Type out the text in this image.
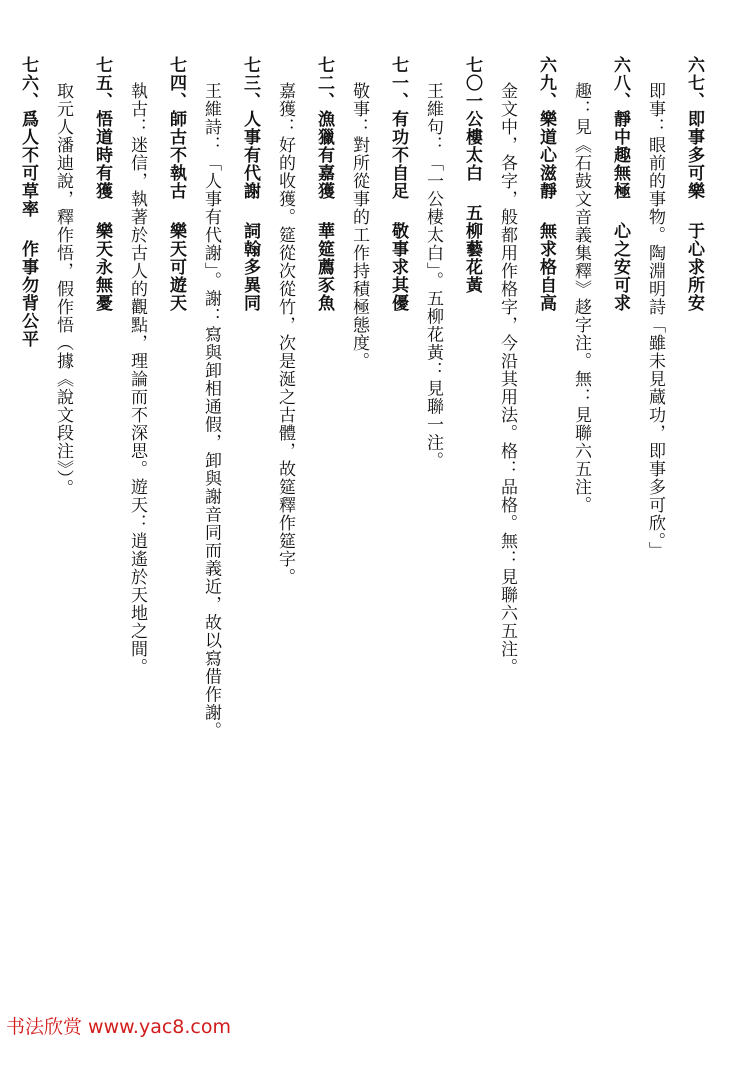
六七、即事多可樂于心求所安
即事：眼前的事物。陶淵明詩「雖未見蔵功，即事多可欣。」
六八、靜中趣無極心之安可求
趣：見《石鼓文音義集釋》趍字注。無：見聯六五注。
六九、樂道心滋靜無求格自高
金文中，各字，般都用作格字，今沿其用法。格：品格。無：見聯六五注。
七〇一公樓太白五柳藝花黃
王維句：「一公棲太白」。五柳花黃：見聯一注。
七一、有功不自足敬事求其優
敬事：對所從事的工作持積極態度。
七二、漁獵有嘉獲華筵薦豕魚
嘉獲：好的收獲。筵從次從竹，次是涎之古體，故筵釋作筵字。
七三、人事有代謝詞翰多異同
王維詩：「人事有代謝」。謝：寫與卸相通假，卸與謝音同而義近，故以寫借作謝。
七四、師古不執古樂天可遊天
執古：迷信，執著於古人的觀點，理論而不深思。遊天：逍遙於天地之間。
七五、悟道時有獲樂天永無憂
取元人潘迪說，釋作悟，假作悟（據《說文段注》）。
七六、爲人不可草率作事勿背公平
书法欣赏 www.yac8.com
